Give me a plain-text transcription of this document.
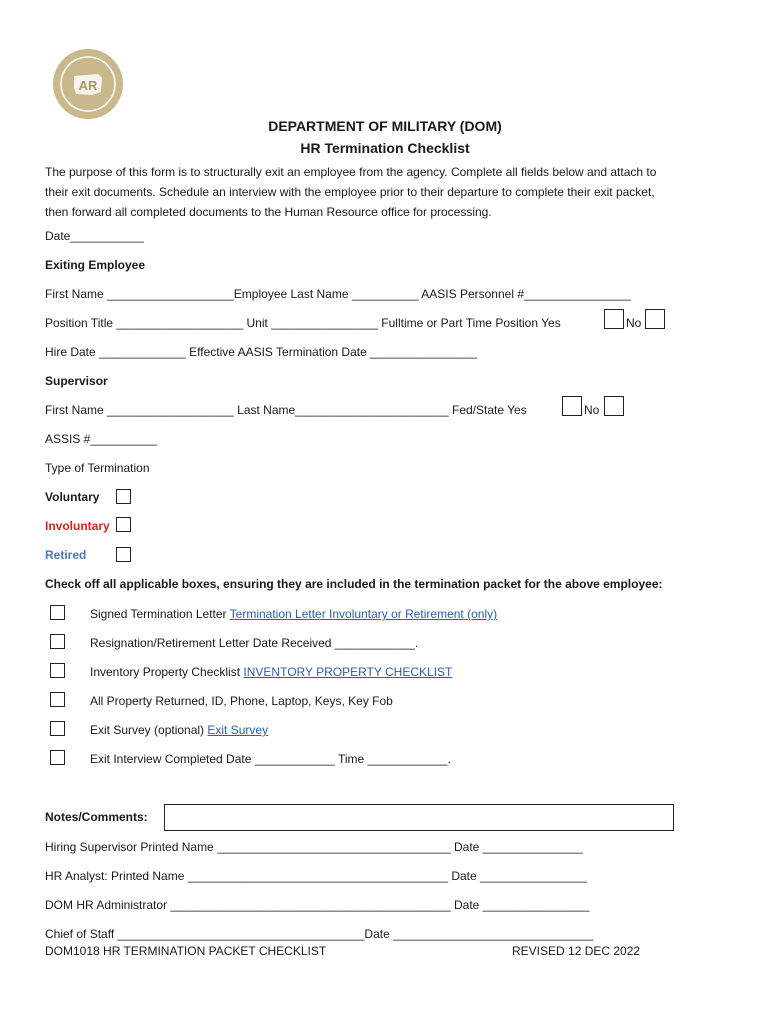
AR
DEPARTMENT OF MILITARY (DOM)
HR Termination Checklist
The purpose of this form is to structurally exit an employee from the agency. Complete all fields below and attach to
their exit documents. Schedule an interview with the employee prior to their departure to complete their exit packet,
then forward all completed documents to the Human Resource office for processing.
Date___________
Exiting Employee
First Name ___________________Employee Last Name __________ AASIS Personnel #________________
Position Title ___________________ Unit ________________ Fulltime or Part Time Position Yes	No
Hire Date _____________ Effective AASIS Termination Date ________________
Supervisor
First Name ___________________ Last Name_______________________ Fed/State Yes	No
ASSIS #__________
Type of Termination
Voluntary
Involuntary
Retired
Check off all applicable boxes, ensuring they are included in the termination packet for the above employee:
Signed Termination Letter Termination Letter Involuntary or Retirement (only)
Resignation/Retirement Letter Date Received ____________.
Inventory Property Checklist INVENTORY PROPERTY CHECKLIST
All Property Returned, ID, Phone, Laptop, Keys, Key Fob
Exit Survey (optional) Exit Survey
Exit Interview Completed Date ____________ Time ____________.
Notes/Comments:
Hiring Supervisor Printed Name ___________________________________ Date _______________
HR Analyst: Printed Name _______________________________________ Date ________________
DOM HR Administrator __________________________________________ Date ________________
Chief of Staff _____________________________________Date ______________________________
DOM1018 HR TERMINATION PACKET CHECKLIST	REVISED 12 DEC 2022
